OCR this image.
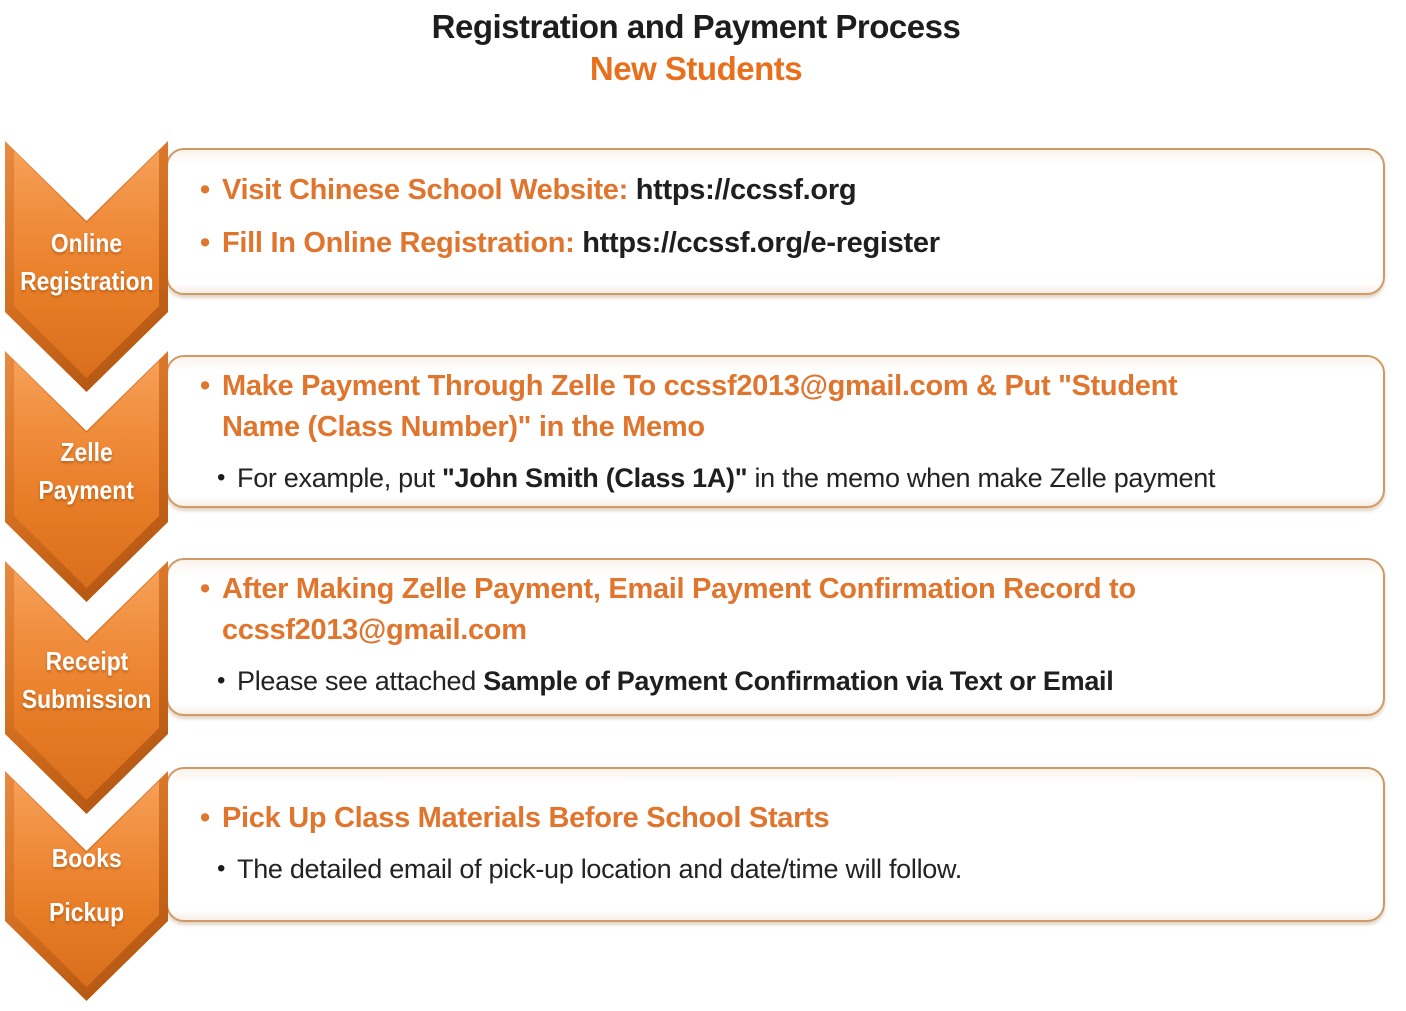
Registration and Payment Process
New Students
Online
Registration
• Visit Chinese School Website: https://ccssf.org
• Fill In Online Registration: https://ccssf.org/e-register
Zelle
Payment
• Make Payment Through Zelle To ccssf2013@gmail.com & Put "Student
Name (Class Number)" in the Memo
• For example, put "John Smith (Class 1A)" in the memo when make Zelle payment
Receipt
Submission
• After Making Zelle Payment, Email Payment Confirmation Record to
ccssf2013@gmail.com
• Please see attached Sample of Payment Confirmation via Text or Email
Books
Pickup
• Pick Up Class Materials Before School Starts
• The detailed email of pick-up location and date/time will follow.
